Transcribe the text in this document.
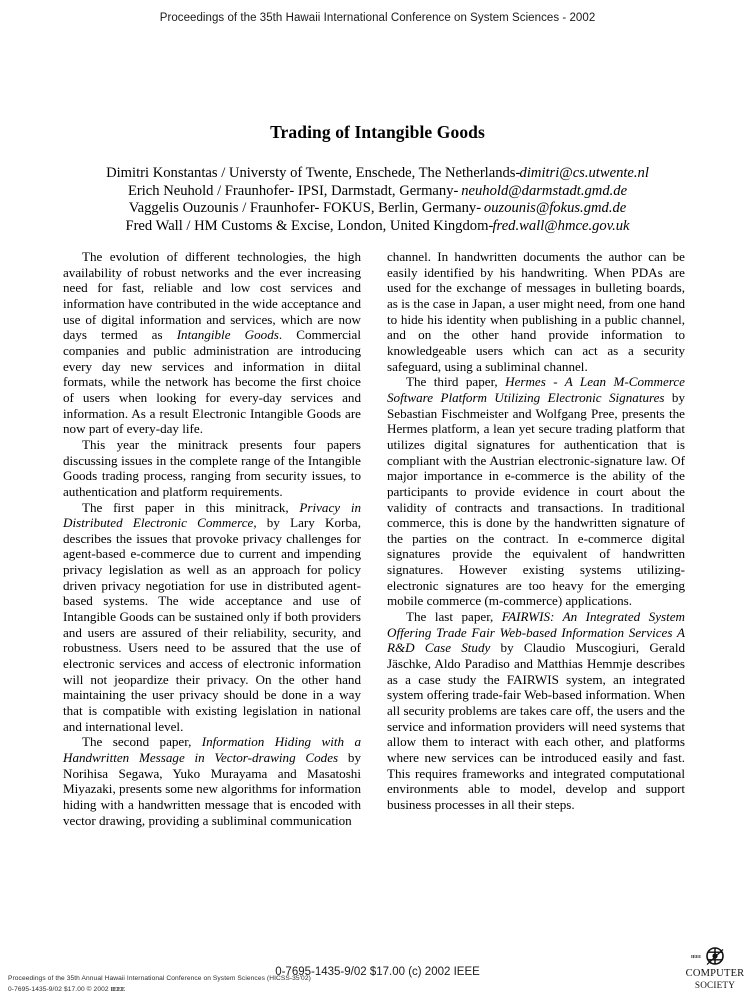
Proceedings of the 35th Hawaii International Conference on System Sciences - 2002
Trading of Intangible Goods
Dimitri Konstantas / Universty of Twente, Enschede, The Netherlands-dimitri@cs.utwente.nl
Erich Neuhold / Fraunhofer- IPSI, Darmstadt, Germany- neuhold@darmstadt.gmd.de
Vaggelis Ouzounis / Fraunhofer- FOKUS, Berlin, Germany- ouzounis@fokus.gmd.de
Fred Wall / HM Customs & Excise, London, United Kingdom-fred.wall@hmce.gov.uk

The evolution of different technologies, the high availability of robust networks and the ever increasing need for fast, reliable and low cost services and information have contributed in the wide acceptance and use of digital information and services, which are now days termed as Intangible Goods. Commercial companies and public administration are introducing every day new services and information in diital formats, while the network has become the first choice of users when looking for every-day services and information. As a result Electronic Intangible Goods are now part of every-day life.

This year the minitrack presents four papers discussing issues in the complete range of the Intangible Goods trading process, ranging from security issues, to authentication and platform requirements.

The first paper in this minitrack, Privacy in Distributed Electronic Commerce, by Lary Korba, describes the issues that provoke privacy challenges for agent-based e-commerce due to current and impending privacy legislation as well as an approach for policy driven privacy negotiation for use in distributed agent-based systems. The wide acceptance and use of Intangible Goods can be sustained only if both providers and users are assured of their reliability, security, and robustness. Users need to be assured that the use of electronic services and access of electronic information will not jeopardize their privacy. On the other hand maintaining the user privacy should be done in a way that is compatible with existing legislation in national and international level.

The second paper, Information Hiding with a Handwritten Message in Vector-drawing Codes by Norihisa Segawa, Yuko Murayama and Masatoshi Miyazaki, presents some new algorithms for information hiding with a handwritten message that is encoded with vector drawing, providing a subliminal communication

channel. In handwritten documents the author can be easily identified by his handwriting. When PDAs are used for the exchange of messages in bulleting boards, as is the case in Japan, a user might need, from one hand to hide his identity when publishing in a public channel, and on the other hand provide information to knowledgeable users which can act as a security safeguard, using a subliminal channel.

The third paper, Hermes - A Lean M-Commerce Software Platform Utilizing Electronic Signatures by Sebastian Fischmeister and Wolfgang Pree, presents the Hermes platform, a lean yet secure trading platform that utilizes digital signatures for authentication that is compliant with the Austrian electronic-signature law. Of major importance in e-commerce is the ability of the participants to provide evidence in court about the validity of contracts and transactions. In traditional commerce, this is done by the handwritten signature of the parties on the contract. In e-commerce digital signatures provide the equivalent of handwritten signatures. However existing systems utilizing-electronic signatures are too heavy for the emerging mobile commerce (m-commerce) applications.

The last paper, FAIRWIS: An Integrated System Offering Trade Fair Web-based Information Services A R&D Case Study by Claudio Muscogiuri, Gerald Jäschke, Aldo Paradiso and Matthias Hemmje describes as a case study the FAIRWIS system, an integrated system offering trade-fair Web-based information. When all security problems are takes care off, the users and the service and information providers will need systems that allow them to interact with each other, and platforms where new services can be introduced easily and fast. This requires frameworks and integrated computational environments able to model, develop and support business processes in all their steps.

0-7695-1435-9/02 $17.00 (c) 2002 IEEE
Proceedings of the 35th Annual Hawaii International Conference on System Sciences (HICSS-35'02)
0-7695-1435-9/02 $17.00 © 2002 IEEE
IEEE
COMPUTER
SOCIETY
